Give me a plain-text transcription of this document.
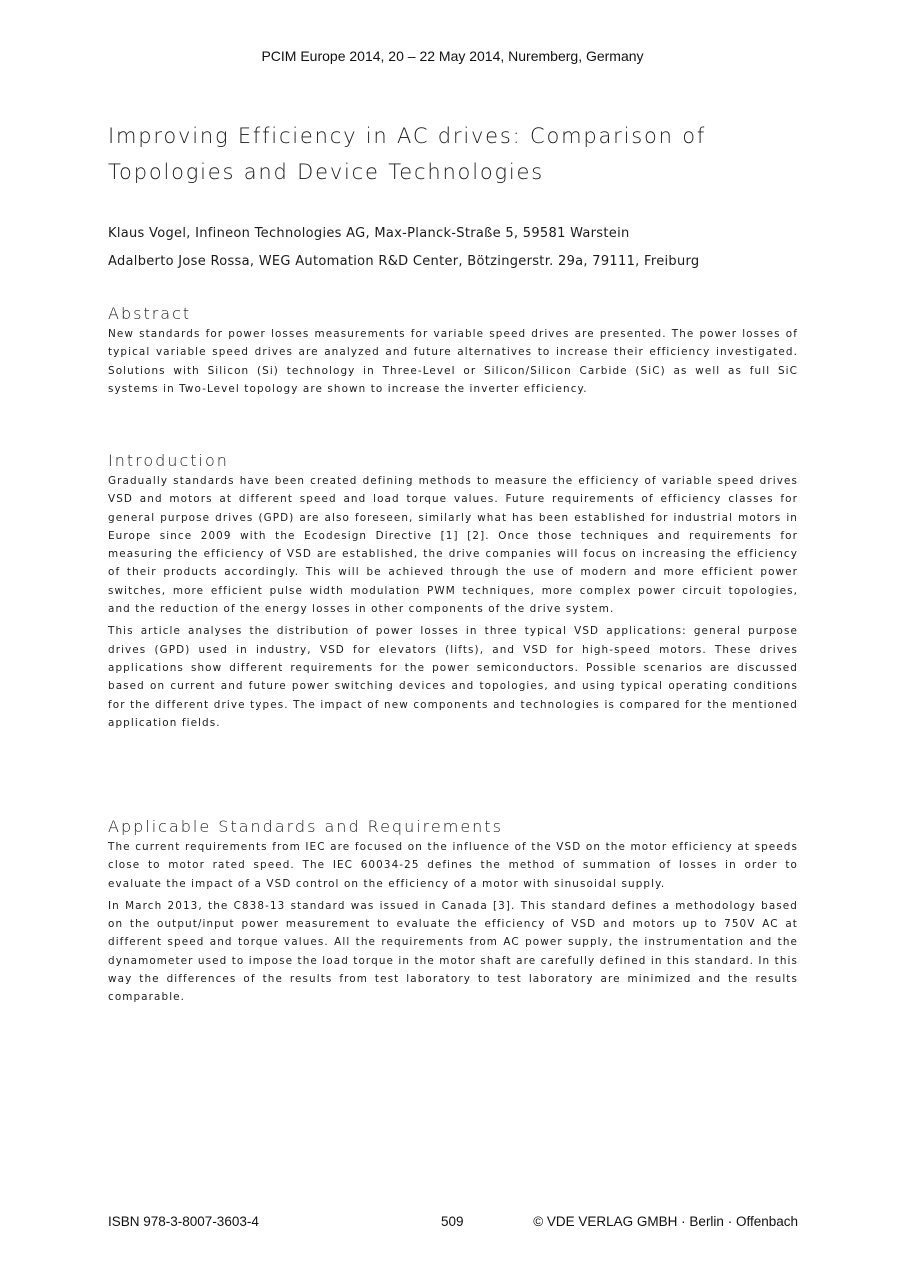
PCIM Europe 2014, 20 – 22 May 2014, Nuremberg, Germany
Improving Efficiency in AC drives: Comparison of
Topologies and Device Technologies
Klaus Vogel, Infineon Technologies AG, Max-Planck-Straße 5, 59581 Warstein
Adalberto Jose Rossa, WEG Automation R&D Center, Bötzingerstr. 29a, 79111, Freiburg
Abstract

New standards for power losses measurements for variable speed drives are presented. The power losses of typical variable speed drives are analyzed and future alternatives to increase their efficiency investigated. Solutions with Silicon (Si) technology in Three-Level or Silicon/Silicon Carbide (SiC) as well as full SiC systems in Two-Level topology are shown to increase the inverter efficiency.

Introduction

Gradually standards have been created defining methods to measure the efficiency of variable speed drives VSD and motors at different speed and load torque values. Future requirements of efficiency classes for general purpose drives (GPD) are also foreseen, similarly what has been established for industrial motors in Europe since 2009 with the Ecodesign Directive [1] [2]. Once those techniques and requirements for measuring the efficiency of VSD are established, the drive companies will focus on increasing the efficiency of their products accordingly. This will be achieved through the use of modern and more efficient power switches, more efficient pulse width modulation PWM techniques, more complex power circuit topologies, and the reduction of the energy losses in other components of the drive system.

This article analyses the distribution of power losses in three typical VSD applications: general purpose drives (GPD) used in industry, VSD for elevators (lifts), and VSD for high-speed motors. These drives applications show different requirements for the power semiconductors. Possible scenarios are discussed based on current and future power switching devices and topologies, and using typical operating conditions for the different drive types. The impact of new components and technologies is compared for the mentioned application fields.

Applicable Standards and Requirements

The current requirements from IEC are focused on the influence of the VSD on the motor efficiency at speeds close to motor rated speed. The IEC 60034-25 defines the method of summation of losses in order to evaluate the impact of a VSD control on the efficiency of a motor with sinusoidal supply.

In March 2013, the C838-13 standard was issued in Canada [3]. This standard defines a methodology based on the output/input power measurement to evaluate the efficiency of VSD and motors up to 750V AC at different speed and torque values. All the requirements from AC power supply, the instrumentation and the dynamometer used to impose the load torque in the motor shaft are carefully defined in this standard. In this way the differences of the results from test laboratory to test laboratory are minimized and the results comparable.

ISBN 978-3-8007-3603-4	509	© VDE VERLAG GMBH · Berlin · Offenbach
